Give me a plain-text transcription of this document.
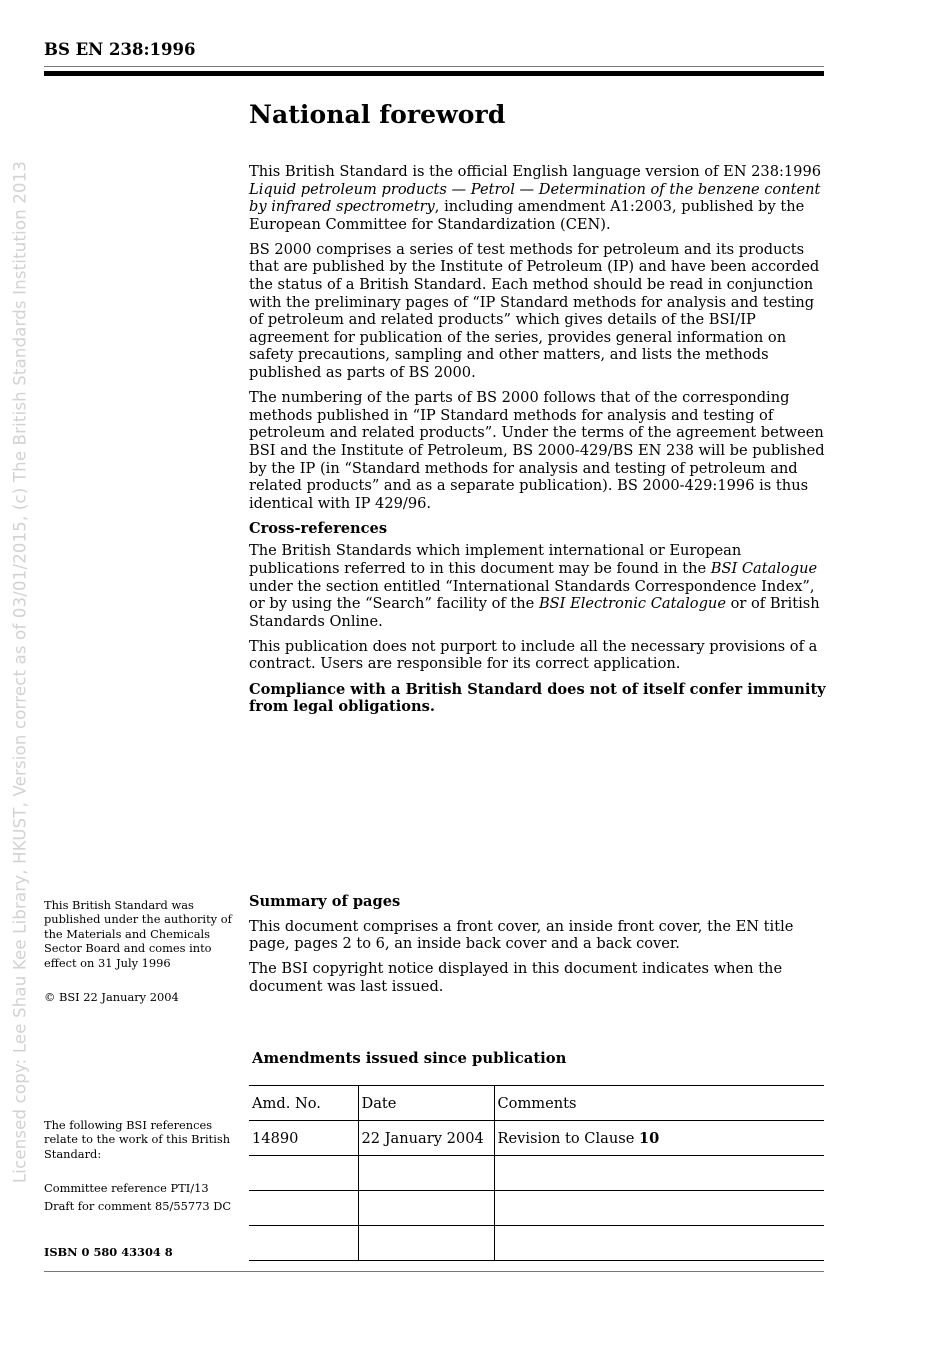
Licensed copy: Lee Shau Kee Library, HKUST, Version correct as of 03/01/2015, (c) The British Standards Institution 2013
BS EN 238:1996
National foreword

This British Standard is the official English language version of EN 238:1996 Liquid petroleum products — Petrol — Determination of the benzene content by infrared spectrometry, including amendment A1:2003, published by the European Committee for Standardization (CEN).

BS 2000 comprises a series of test methods for petroleum and its products that are published by the Institute of Petroleum (IP) and have been accorded the status of a British Standard. Each method should be read in conjunction with the preliminary pages of “IP Standard methods for analysis and testing of petroleum and related products” which gives details of the BSI/IP agreement for publication of the series, provides general information on safety precautions, sampling and other matters, and lists the methods published as parts of BS 2000.

The numbering of the parts of BS 2000 follows that of the corresponding methods published in “IP Standard methods for analysis and testing of petroleum and related products”. Under the terms of the agreement between BSI and the Institute of Petroleum, BS 2000-429/BS EN 238 will be published by the IP (in “Standard methods for analysis and testing of petroleum and related products” and as a separate publication). BS 2000-429:1996 is thus identical with IP 429/96.

Cross-references

The British Standards which implement international or European publications referred to in this document may be found in the BSI Catalogue under the section entitled “International Standards Correspondence Index”, or by using the “Search” facility of the BSI Electronic Catalogue or of British Standards Online.

This publication does not purport to include all the necessary provisions of a contract. Users are responsible for its correct application.

Compliance with a British Standard does not of itself confer immunity from legal obligations.

This British Standard was published under the authority of the Materials and Chemicals Sector Board and comes into effect on 31 July 1996

© BSI 22 January 2004

The following BSI references relate to the work of this British Standard:

Committee reference PTI/13

Draft for comment 85/55773 DC

Summary of pages

This document comprises a front cover, an inside front cover, the EN title page, pages 2 to 6, an inside back cover and a back cover.

The BSI copyright notice displayed in this document indicates when the document was last issued.

Amendments issued since publication
Amd. No.	Date	Comments
14890	22 January 2004	Revision to Clause 10

ISBN 0 580 43304 8
